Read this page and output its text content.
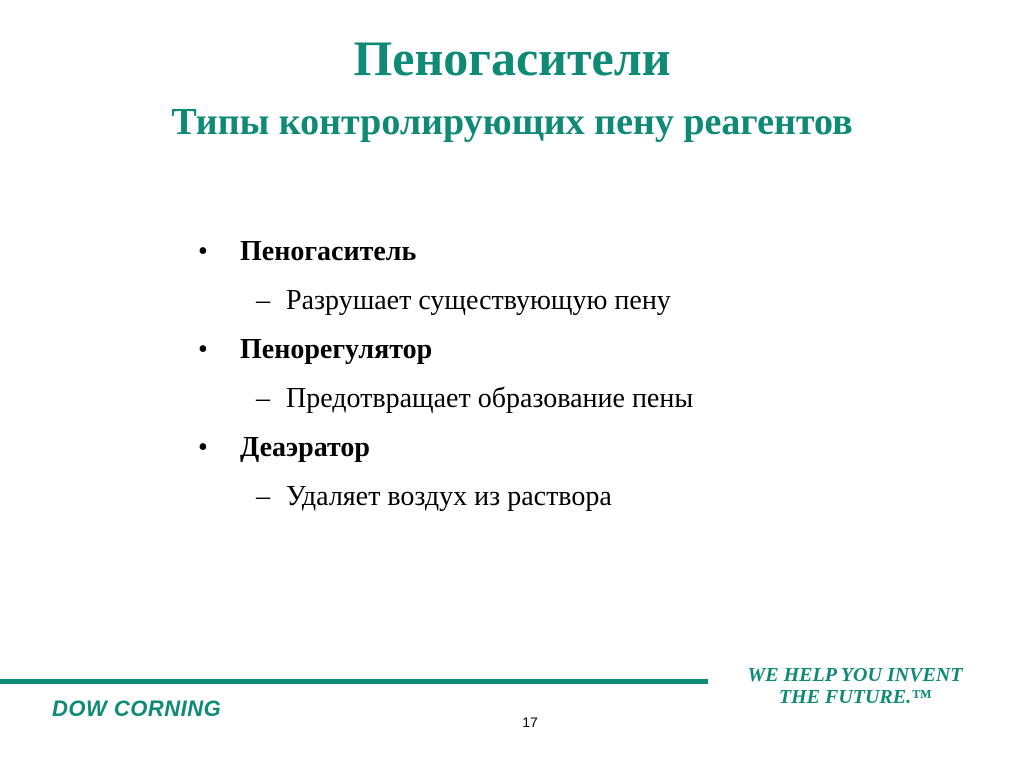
Пеногасители
Типы контролирующих пену реагентов
•	Пеногаситель
– Разрушает существующую пену
•	Пенорегулятор
– Предотвращает образование пены
•	Деаэратор
– Удаляет воздух из раствора
DOW CORNING
17
WE HELP YOU INVENT
THE FUTURE.™
